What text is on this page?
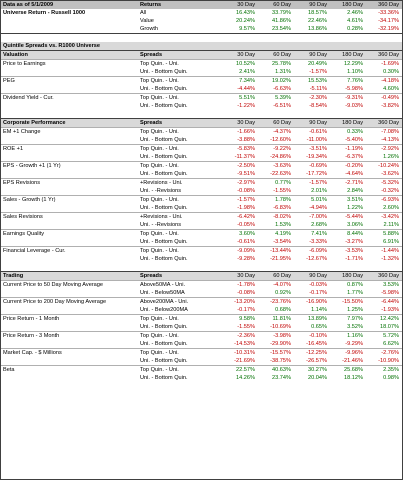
Data as of 5/1/2009	Returns	30 Day	60 Day	90 Day	180 Day	360 Day
Universe Return - Russell 1000	All	16.43%	33.79%	18.57%	2.46%	-33.36%
	Value	20.24%	41.86%	22.46%	4.61%	-34.17%
	Growth	9.57%	23.54%	13.86%	0.28%	-32.19%

Quintile Spreads vs. R1000 Universe						
Valuation	Spreads	30 Day	60 Day	90 Day	180 Day	360 Day
Price to Earnings	Top Quin. - Uni.	10.52%	25.78%	20.49%	12.29%	-1.69%
	Uni. - Bottom Quin.	2.41%	1.31%	-1.57%	1.10%	0.30%
PEG	Top Quin. - Uni.	7.34%	19.02%	15.53%	7.76%	-4.18%
	Uni. - Bottom Quin.	-4.44%	-6.63%	-5.11%	-5.98%	4.60%
Dividend Yield - Cur.	Top Quin. - Uni.	5.51%	5.39%	-2.30%	-9.31%	-0.49%
	Uni. - Bottom Quin.	-1.22%	-6.51%	-8.54%	-9.03%	-3.82%

Corporate Performance	Spreads	30 Day	60 Day	90 Day	180 Day	360 Day
EM +1 Change	Top Quin. - Uni.	-1.66%	-4.37%	-0.61%	0.33%	-7.08%
	Uni. - Bottom Quin.	-3.88%	-12.60%	-11.00%	-5.40%	-4.13%
ROE +1	Top Quin. - Uni.	-5.83%	-9.22%	-3.51%	-1.19%	-2.92%
	Uni. - Bottom Quin.	-11.37%	-24.86%	-19.34%	-6.37%	1.26%
EPS - Growth +1 (1 Yr)	Top Quin. - Uni.	-2.50%	-3.63%	-0.69%	-0.20%	-10.24%
	Uni. - Bottom Quin.	-9.51%	-22.63%	-17.72%	-4.64%	-3.62%
EPS Revisions	+Revisions - Uni.	-2.97%	0.77%	-1.57%	-2.71%	-5.32%
	Uni. - -Revisions	-0.08%	-1.55%	2.01%	2.84%	-0.32%
Sales - Growth (1 Yr)	Top Quin. - Uni.	-1.57%	1.78%	5.01%	3.51%	-6.93%
	Uni. - Bottom Quin.	-1.98%	-6.83%	-4.94%	1.22%	2.60%
Sales Revisions	+Revisions - Uni.	-6.42%	-8.02%	-7.00%	-5.44%	-3.42%
	Uni. - -Revisions	-0.05%	1.53%	2.68%	3.06%	2.11%
Earnings Quality	Top Quin. - Uni.	3.60%	4.19%	7.41%	8.44%	5.88%
	Uni. - Bottom Quin.	-0.61%	-3.54%	-3.33%	-3.27%	6.91%
Financial Leverage - Cur.	Top Quin. - Uni.	-9.09%	-13.44%	-6.09%	-3.53%	-1.44%
	Uni. - Bottom Quin.	-9.28%	-21.95%	-12.67%	-1.71%	-1.32%

Trading	Spreads	30 Day	60 Day	90 Day	180 Day	360 Day
Current Price to 50 Day Moving Average	Above50MA - Uni.	-1.78%	-4.07%	-0.03%	0.87%	3.53%
	Uni. - Below50MA	-0.08%	0.92%	-0.17%	1.77%	-5.98%
Current Price to 200 Day Moving Average	Above200MA - Uni.	-13.20%	-23.76%	-16.90%	-15.50%	-6.44%
	Uni. - Below200MA	-0.17%	0.68%	1.14%	1.25%	-1.93%
Price Return - 1 Month	Top Quin. - Uni.	9.58%	11.81%	13.89%	7.97%	12.42%
	Uni. - Bottom Quin.	-1.55%	-10.69%	0.65%	3.52%	18.07%
Price Return - 3 Month	Top Quin. - Uni.	-2.36%	-3.98%	-0.10%	1.16%	5.72%
	Uni. - Bottom Quin.	-14.53%	-29.90%	-16.45%	-9.29%	6.62%
Market Cap. - $ Millions	Top Quin. - Uni.	-10.31%	-15.57%	-12.25%	-9.96%	-2.76%
	Uni. - Bottom Quin.	-21.69%	-38.75%	-26.57%	-21.46%	-10.90%
Beta	Top Quin. - Uni.	22.57%	40.63%	30.27%	25.68%	2.35%
	Uni. - Bottom Quin.	14.26%	23.74%	20.04%	18.12%	0.98%
